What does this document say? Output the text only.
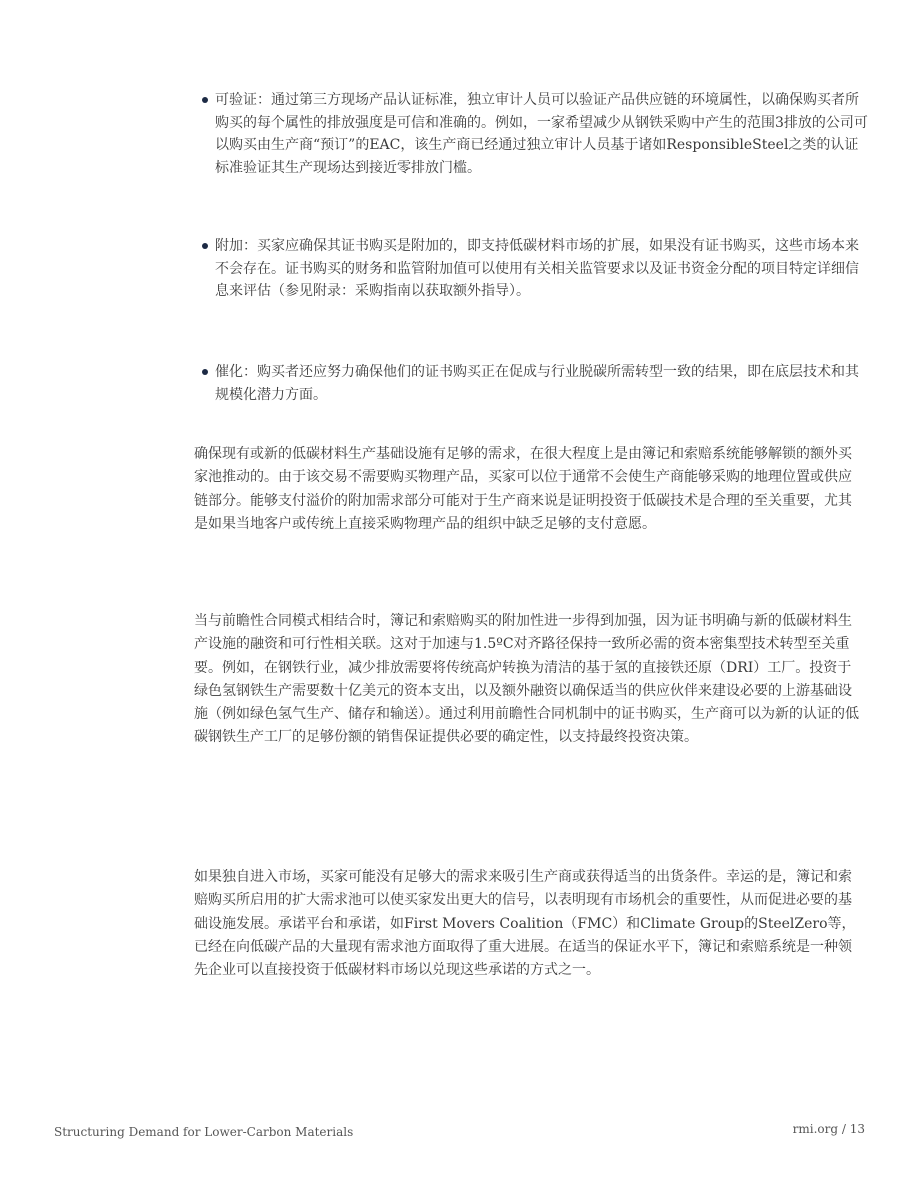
可验证：通过第三方现场产品认证标准，独立审计人员可以验证产品供应链的环境属性，以确保购买者所购买的每个属性的排放强度是可信和准确的。例如，一家希望减少从钢铁采购中产生的范围3排放的公司可以购买由生产商“预订”的EAC，该生产商已经通过独立审计人员基于诸如ResponsibleSteel之类的认证标准验证其生产现场达到接近零排放门槛。
附加：买家应确保其证书购买是附加的，即支持低碳材料市场的扩展，如果没有证书购买，这些市场本来不会存在。证书购买的财务和监管附加值可以使用有关相关监管要求以及证书资金分配的项目特定详细信息来评估（参见附录：采购指南以获取额外指导）。
催化：购买者还应努力确保他们的证书购买正在促成与行业脱碳所需转型一致的结果，即在底层技术和其规模化潜力方面。

确保现有或新的低碳材料生产基础设施有足够的需求，在很大程度上是由簿记和索赔系统能够解锁的额外买家池推动的。由于该交易不需要购买物理产品，买家可以位于通常不会使生产商能够采购的地理位置或供应链部分。能够支付溢价的附加需求部分可能对于生产商来说是证明投资于低碳技术是合理的至关重要，尤其是如果当地客户或传统上直接采购物理产品的组织中缺乏足够的支付意愿。

当与前瞻性合同模式相结合时，簿记和索赔购买的附加性进一步得到加强，因为证书明确与新的低碳材料生产设施的融资和可行性相关联。这对于加速与1.5ºC对齐路径保持一致所必需的资本密集型技术转型至关重要。例如，在钢铁行业，减少排放需要将传统高炉转换为清洁的基于氢的直接铁还原（DRI）工厂。投资于绿色氢钢铁生产需要数十亿美元的资本支出，以及额外融资以确保适当的供应伙伴来建设必要的上游基础设施（例如绿色氢气生产、储存和输送）。通过利用前瞻性合同机制中的证书购买，生产商可以为新的认证的低碳钢铁生产工厂的足够份额的销售保证提供必要的确定性，以支持最终投资决策。

如果独自进入市场，买家可能没有足够大的需求来吸引生产商或获得适当的出货条件。幸运的是，簿记和索赔购买所启用的扩大需求池可以使买家发出更大的信号，以表明现有市场机会的重要性，从而促进必要的基础设施发展。承诺平台和承诺，如First Movers Coalition（FMC）和Climate Group的SteelZero等，已经在向低碳产品的大量现有需求池方面取得了重大进展。在适当的保证水平下，簿记和索赔系统是一种领先企业可以直接投资于低碳材料市场以兑现这些承诺的方式之一。

Structuring Demand for Lower-Carbon Materials	rmi.org / 13
